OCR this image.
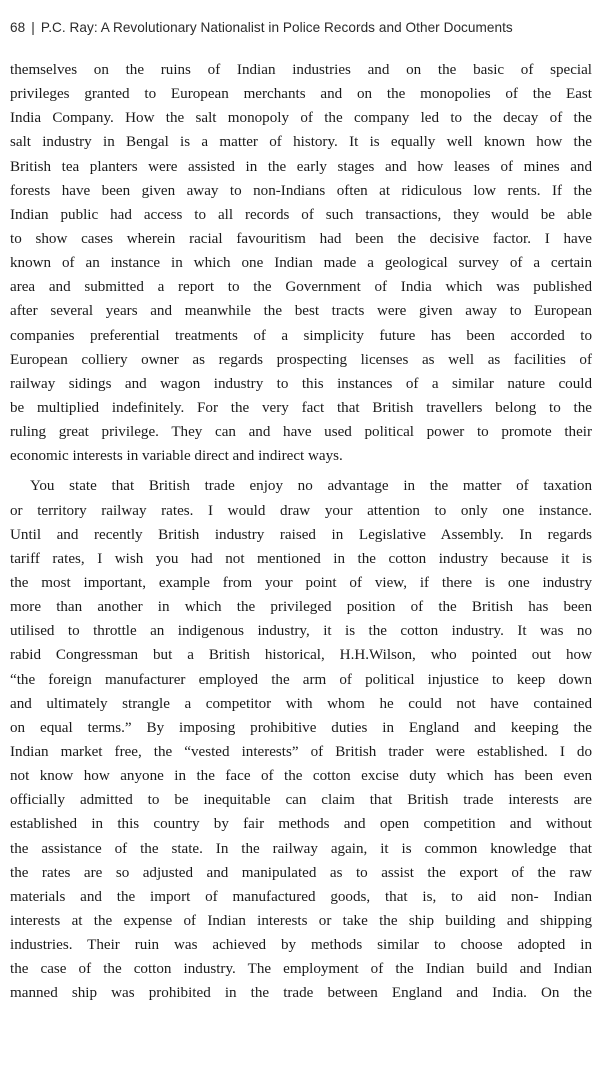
68 | P.C. Ray: A Revolutionary Nationalist in Police Records and Other Documents
themselves on the ruins of Indian industries and on the basic of special
privileges granted to European merchants and on the monopolies of the East
India Company. How the salt monopoly of the company led to the decay of the
salt industry in Bengal is a matter of history. It is equally well known how the
British tea planters were assisted in the early stages and how leases of mines and
forests have been given away to non-Indians often at ridiculous low rents. If the
Indian public had access to all records of such transactions, they would be able
to show cases wherein racial favouritism had been the decisive factor. I have
known of an instance in which one Indian made a geological survey of a certain
area and submitted a report to the Government of India which was published
after several years and meanwhile the best tracts were given away to European
companies preferential treatments of a simplicity future has been accorded to
European colliery owner as regards prospecting licenses as well as facilities of
railway sidings and wagon industry to this instances of a similar nature could
be multiplied indefinitely. For the very fact that British travellers belong to the
ruling great privilege. They can and have used political power to promote their
economic interests in variable direct and indirect ways.
You state that British trade enjoy no advantage in the matter of taxation
or territory railway rates. I would draw your attention to only one instance.
Until and recently British industry raised in Legislative Assembly. In regards
tariff rates, I wish you had not mentioned in the cotton industry because it is
the most important, example from your point of view, if there is one industry
more than another in which the privileged position of the British has been
utilised to throttle an indigenous industry, it is the cotton industry. It was no
rabid Congressman but a British historical, H.H.Wilson, who pointed out how
“the foreign manufacturer employed the arm of political injustice to keep down
and ultimately strangle a competitor with whom he could not have contained
on equal terms.” By imposing prohibitive duties in England and keeping the
Indian market free, the “vested interests” of British trader were established. I do
not know how anyone in the face of the cotton excise duty which has been even
officially admitted to be inequitable can claim that British trade interests are
established in this country by fair methods and open competition and without
the assistance of the state. In the railway again, it is common knowledge that
the rates are so adjusted and manipulated as to assist the export of the raw
materials and the import of manufactured goods, that is, to aid non- Indian
interests at the expense of Indian interests or take the ship building and shipping
industries. Their ruin was achieved by methods similar to choose adopted in
the case of the cotton industry. The employment of the Indian build and Indian
manned ship was prohibited in the trade between England and India. On the
